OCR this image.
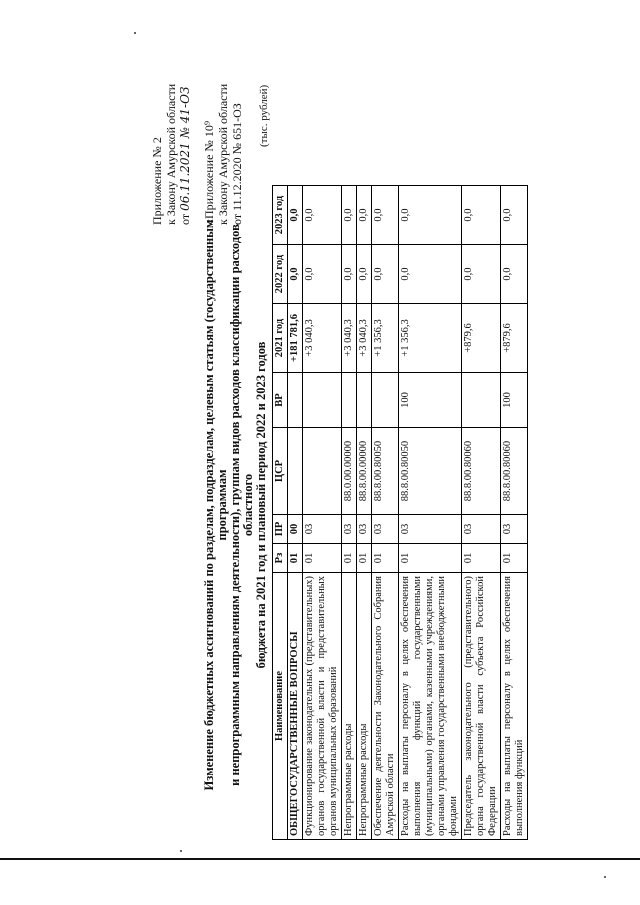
Приложение № 2 к Закону Амурской области от 06.11.2021 № 41-ОЗ «Приложение № 10⁹ к Закону Амурской области от 11.12.2020 № 651-ОЗ
Изменение бюджетных ассигнований по разделам, подразделам, целевым статьям (государственным программам и непрограммным направлениям деятельности), группам видов расходов классификации расходов областного бюджета на 2021 год и плановый период 2022 и 2023 годов
(тыс. рублей)
Наименование	Рз	ПР	ЦСР	ВР	2021 год	2022 год	2023 год
ОБЩЕГОСУДАРСТВЕННЫЕ ВОПРОСЫ	01	00			+181 781,6	0,0	0,0
Функционирование законодательных (представительных) органов государственной власти и представительных органов муниципальных образований	01	03			+3 040,3	0,0	0,0
Непрограммные расходы	01	03	88.0.00.00000		+3 040,3	0,0	0,0
Непрограммные расходы	01	03	88.8.00.00000		+3 040,3	0,0	0,0
Обеспечение деятельности Законодательного Собрания Амурской области	01	03	88.8.00.80050		+1 356,3	0,0	0,0
Расходы на выплаты персоналу в целях обеспечения выполнения функций государственными (муниципальными) органами, казенными учреждениями, органами управления государственными внебюджетными фондами	01	03	88.8.00.80050	100	+1 356,3	0,0	0,0
Председатель законодательного (представительного) органа государственной власти субъекта Российской Федерации	01	03	88.8.00.80060		+879,6	0,0	0,0
Расходы на выплаты персоналу в целях обеспечения выполнения функций	01	03	88.8.00.80060	100	+879,6	0,0	0,0
